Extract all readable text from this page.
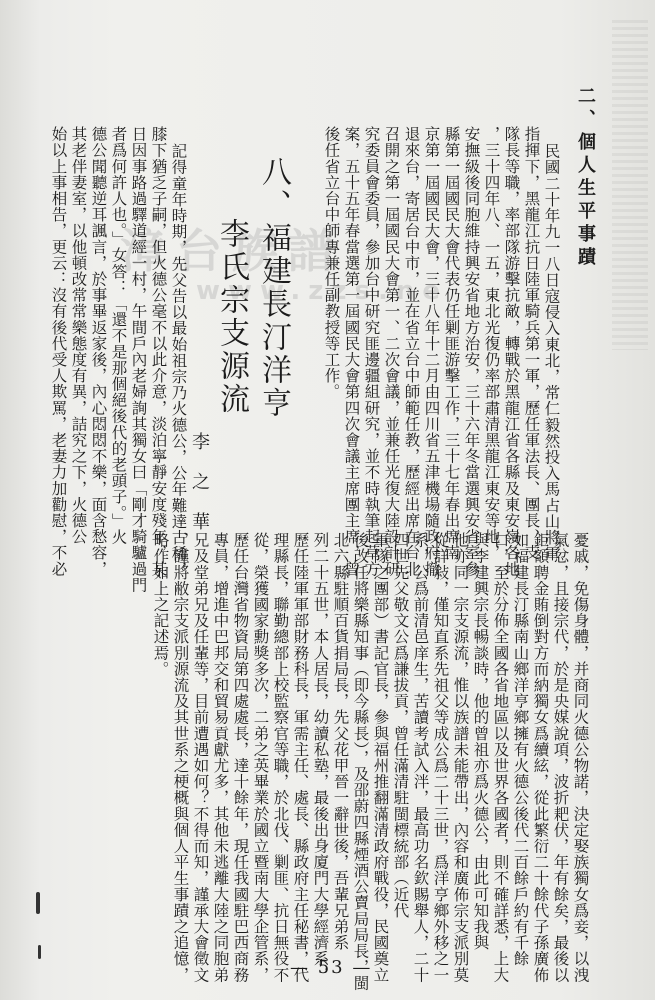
漳台族譜
www.zzs.ne
二、個人生平事蹟
民國二十年九一八日寇侵入東北，常仁毅然投入馬占山將軍
指揮下，黑龍江抗日陸軍騎兵第一軍，歷任軍法長、團長、支
隊長等職，率部隊游擊抗敵，轉戰於黑龍江省各縣及東安嶺各地
，三十四年八、一五，東北光復仍率部肅清黑龍江東安等地，
安撫級後同胞維持興安省地方治安，三十六年冬當選興安省室參
縣第一屆國民大會代表仍任剿匪游擊工作，三十七年春出席南
京第一屆國民大會，三十八年十二月由四川省五津機場隨政府撤
退來台，寄居台中市，並在省立台中師範任教，歷經出席在台北
召開之第一屆國民大會第一、二次會議，並兼任光復大陸設計研
究委員會委員，參加台中研究匪邊疆組研究，並不時執筆起草方
案，五十五年春當選第一屆國民大會第四次會議主席團主席，曾
後任省立台中師專兼任副教授等工作。
八、福建長汀洋亨
李氏宗支源流
李之華
記得童年時期，先父告以最始祖宗乃火德公，公年難達古稀，
膝下猶乏子嗣，但火德公毫不以此介意，淡泊寧靜安度殘年，某
日因事路過驛道經一村，午間戶內老婦詢其獨女曰「剛才騎驢過門
者爲何許人也。」女答：「還不是那個絕後代的老頭子。」火
德公聞聽逆耳諷言，於事畢返家後，內心悶悶不樂，面含愁容，
其老伴妻室，以他頓改常常樂態度有異，詰究之下，火德公
始以上事相告，更云：沒有後代受人欺罵，老妻力加勸慰，不必
憂戚，免傷身體，并商同火德公物諾，決定娶族獨女爲妾，以洩
氣忿，且接宗代，於是央媒說項，波折耙伏，年有餘矣，最後以
鉅額聘金賄倒對方而納獨女爲續絃，從此繁衍二十餘代子孫廣佈
如福建長汀縣南山鄉洋亨鄉擁有火德公後代二百餘戶約有千餘
口，至於分佈全國各省地區以及世界各國者，則不確詳悉，上大
與李建興宗長暢談時，他的曾祖亦爲火德公，由此可知我與
他亦同一宗支源流，惟以族譜未能帶出，內容和廣佈宗支派別莫
從詳敍，僅知直系先祖父等成公爲二十三世，爲洋亨鄉外移之一
系，公爲前清邑庠生，苦讀考試入泮，最高功名欽賜舉人，二十
四世先父敬文公爲謙拔貢，曾任滿清駐閩標統部（近代
軍隊之團部）書記官長，參與福州推翻滿清政府戰役，民國奠立
後改任將樂縣知事（即今縣長），及邵蔚四縣煙酒公賣局局長，閩
北六縣駐順百貨捐局長，先父花甲晉一辭世後，吾輩兄弟系
列二十五世，本人居長，幼讀私塾，最後出身廈門大學經濟系，
歷任陸軍軍部財務科長，軍需主任、處長、縣政府主任秘書，代
理縣長，聯勤總部上校監察官等職，於北伐、剿匪、抗日無役不
從，榮獲國家勳獎多次，二弟之英畢業於國立暨南大學企管系，
歷任台灣省物資局第四處處長，達十餘年，現任我國駐巴西商務
專員，增進中巴邦交和貿易貢獻尤多，其他未逃離大陸之同胞弟
兄及堂弟兄及任輩等，目前遭遇如何？不得而知，謹承大會徵文
，謹將敝宗支派別源流及其世系之梗概與個人平生事蹟之追憶，
略作如上之記述焉。
— 53 —
